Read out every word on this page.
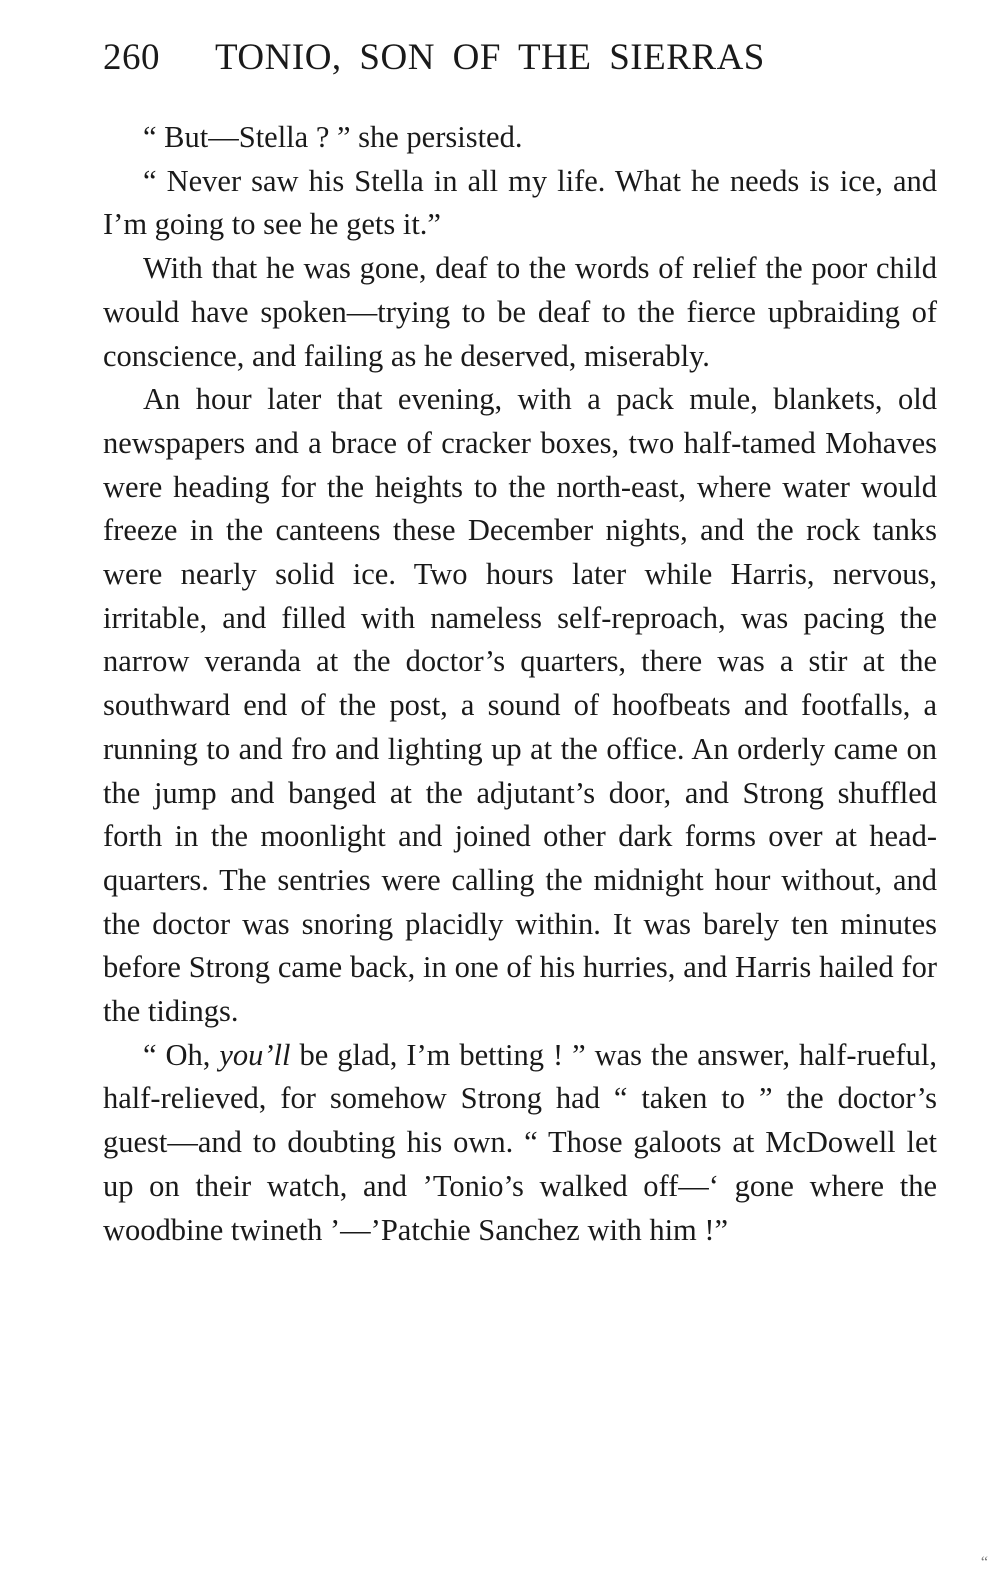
260 TONIO, SON OF THE SIERRAS

“ But—Stella ? ” she persisted.

“ Never saw his Stella in all my life. What he needs is ice, and I’m going to see he gets it.”

With that he was gone, deaf to the words of relief the poor child would have spoken—trying to be deaf to the fierce upbraiding of conscience, and failing as he deserved, miserably.

An hour later that evening, with a pack mule, blankets, old newspapers and a brace of cracker boxes, two half-tamed Mohaves were heading for the heights to the north-east, where water would freeze in the canteens these December nights, and the rock tanks were nearly solid ice. Two hours later while Harris, nervous, irritable, and filled with nameless self-reproach, was pacing the narrow veranda at the doctor’s quarters, there was a stir at the southward end of the post, a sound of hoofbeats and footfalls, a running to and fro and lighting up at the office. An orderly came on the jump and banged at the adjutant’s door, and Strong shuffled forth in the moonlight and joined other dark forms over at head-quarters. The sentries were calling the midnight hour without, and the doctor was snoring placidly within. It was barely ten minutes before Strong came back, in one of his hurries, and Harris hailed for the tidings.

“ Oh, you’ll be glad, I’m betting ! ” was the answer, half-rueful, half-relieved, for somehow Strong had “ taken to ” the doctor’s guest—and to doubting his own. “ Those galoots at McDowell let up on their watch, and ’Tonio’s walked off—‘ gone where the woodbine twineth ’—’Patchie Sanchez with him !”

“
